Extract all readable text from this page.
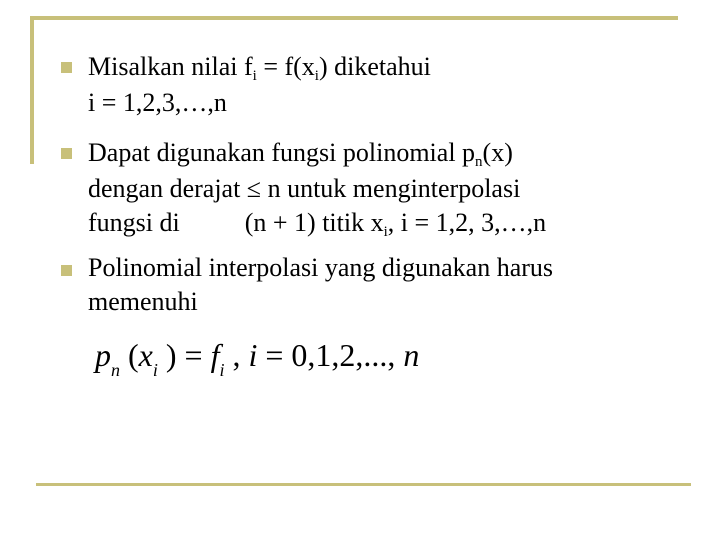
Misalkan nilai $f_i = f(x_i)$ diketahui
i = 1,2,3,…,n
Dapat digunakan fungsi polinomial $p_n(x)$
dengan derajat ≤ n untuk menginterpolasi
fungsi di          (n + 1) titik $x_i$, i = 1,2, 3,…,n
Polinomial interpolasi yang digunakan harus
memenuhi
$p_n$ ($x_i$ ) = $f_i$ , i = 0,1,2,..., n
